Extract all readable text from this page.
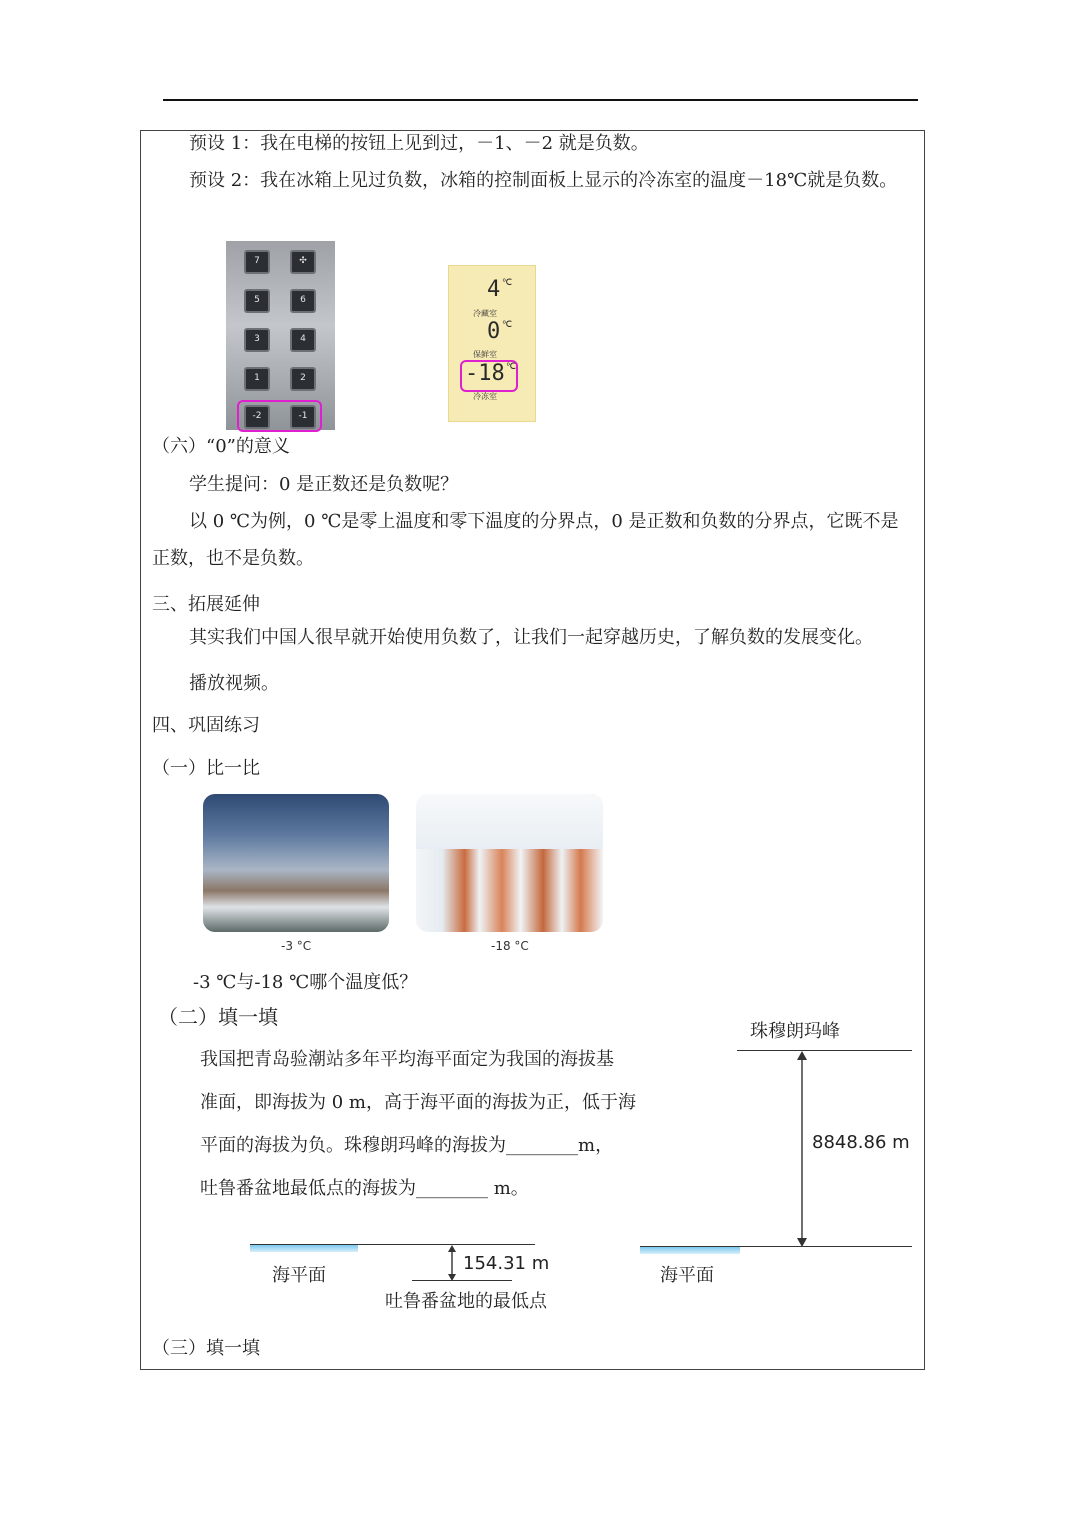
预设 1：我在电梯的按钮上见到过，－1、－2 就是负数。
预设 2：我在冰箱上见过负数，冰箱的控制面板上显示的冷冻室的温度－18℃就是负数。
7	✣
5	6
3	4
1	2
-2	-1
4 ℃
冷藏室
0 ℃
保鲜室
-18 ℃
冷冻室
（六）“0”的意义
学生提问：0 是正数还是负数呢？
以 0 ℃为例，0 ℃是零上温度和零下温度的分界点，0 是正数和负数的分界点，它既不是
正数，也不是负数。
三、拓展延伸
其实我们中国人很早就开始使用负数了，让我们一起穿越历史，了解负数的发展变化。
播放视频。
四、巩固练习
（一）比一比
-3 °C	-18 °C
-3 ℃与-18 ℃哪个温度低？
（二）填一填
我国把青岛验潮站多年平均海平面定为我国的海拔基
准面，即海拔为 0 m，高于海平面的海拔为正，低于海
平面的海拔为负。珠穆朗玛峰的海拔为________m，
吐鲁番盆地最低点的海拔为________ m。
珠穆朗玛峰
8848.86 m
海平面	海平面
154.31 m
吐鲁番盆地的最低点
（三）填一填
